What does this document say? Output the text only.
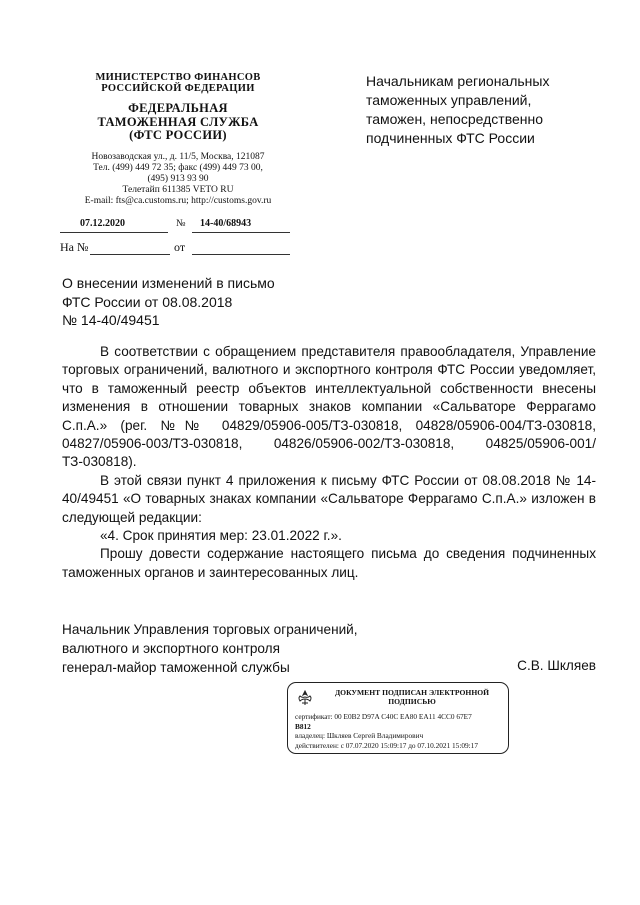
МИНИСТЕРСТВО ФИНАНСОВ
РОССИЙСКОЙ ФЕДЕРАЦИИ
ФЕДЕРАЛЬНАЯ
ТАМОЖЕННАЯ СЛУЖБА
(ФТС РОССИИ)
Новозаводская ул., д. 11/5, Москва, 121087
Тел. (499) 449 72 35; факс (499) 449 73 00,
(495) 913 93 90
Телетайп 611385 VETO RU
E-mail: fts@ca.customs.ru; http://customs.gov.ru
07.12.2020	№ 14-40/68943
На №	от
Начальникам региональных
таможенных управлений,
таможен, непосредственно
подчиненных ФТС России
О внесении изменений в письмо
ФТС России от 08.08.2018
№ 14-40/49451

В соответствии с обращением представителя правообладателя, Управление торговых ограничений, валютного и экспортного контроля ФТС России уведомляет, что в таможенный реестр объектов интеллектуальной собственности внесены изменения в отношении товарных знаков компании «Сальваторе Феррагамо С.п.А.» (рег. №№ 04829/05906-005/ТЗ-030818, 04828/05906-004/ТЗ-030818, 04827/05906-003/ТЗ-030818, 04826/05906-002/ТЗ-030818, 04825/05906-001/ТЗ-030818).

В этой связи пункт 4 приложения к письму ФТС России от 08.08.2018 № 14-40/49451 «О товарных знаках компании «Сальваторе Феррагамо С.п.А.» изложен в следующей редакции:

«4. Срок принятия мер: 23.01.2022 г.».

Прошу довести содержание настоящего письма до сведения подчиненных таможенных органов и заинтересованных лиц.

Начальник Управления торговых ограничений,
валютного и экспортного контроля
генерал-майор таможенной службы	С.В. Шкляев
ДОКУМЕНТ ПОДПИСАН ЭЛЕКТРОННОЙ
ПОДПИСЬЮ
сертификат: 00 E0B2 D97A C40C EA80 EA11 4CC0 67E7
B812
владелец: Шкляев Сергей Владимирович
действителен: с 07.07.2020 15:09:17 до 07.10.2021 15:09:17
